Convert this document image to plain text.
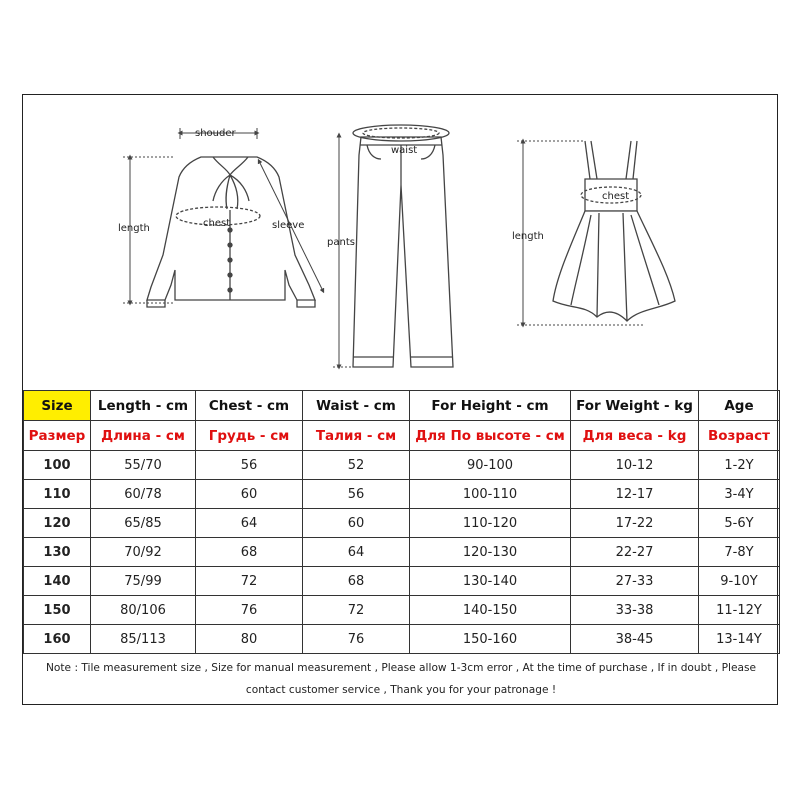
shouder
length	chest	sleeve
waist
pants
chest
length
Size	Length - cm	Chest - cm	Waist - cm	For Height - cm	For Weight - kg	Age
Размер	Длина - см	Грудь - см	Талия - см	Для По высоте - см	Для веса - kg	Возраст
100	55/70	56	52	90-100	10-12	1-2Y
110	60/78	60	56	100-110	12-17	3-4Y
120	65/85	64	60	110-120	17-22	5-6Y
130	70/92	68	64	120-130	22-27	7-8Y
140	75/99	72	68	130-140	27-33	9-10Y
150	80/106	76	72	140-150	33-38	11-12Y
160	85/113	80	76	150-160	38-45	13-14Y
Note : Tile measurement size , Size for manual measurement , Please allow 1-3cm error , At the time of purchase , If in doubt , Please
contact customer service , Thank you for your patronage !
